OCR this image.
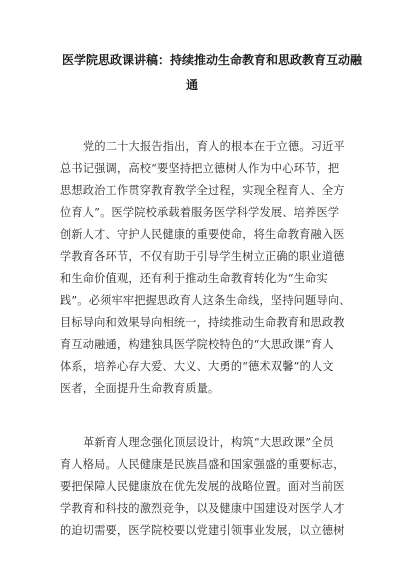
医学院思政课讲稿：持续推动生命教育和思政教育互动融
通
党的二十大报告指出，育人的根本在于立德。习近平
总书记强调，高校“要坚持把立德树人作为中心环节，把
思想政治工作贯穿教育教学全过程，实现全程育人、全方
位育人”。医学院校承载着服务医学科学发展、培养医学
创新人才、守护人民健康的重要使命，将生命教育融入医
学教育各环节，不仅有助于引导学生树立正确的职业道德
和生命价值观，还有利于推动生命教育转化为“生命实
践”。必须牢牢把握思政育人这条生命线，坚持问题导向、
目标导向和效果导向相统一，持续推动生命教育和思政教
育互动融通，构建独具医学院校特色的“大思政课”育人
体系，培养心存大爱、大义、大勇的“德术双馨”的人文
医者，全面提升生命教育质量。
革新育人理念强化顶层设计，构筑“大思政课”全员
育人格局。人民健康是民族昌盛和国家强盛的重要标志，
要把保障人民健康放在优先发展的战略位置。面对当前医
学教育和科技的激烈竞争，以及健康中国建设对医学人才
的迫切需要，医学院校要以党建引领事业发展，以立德树
